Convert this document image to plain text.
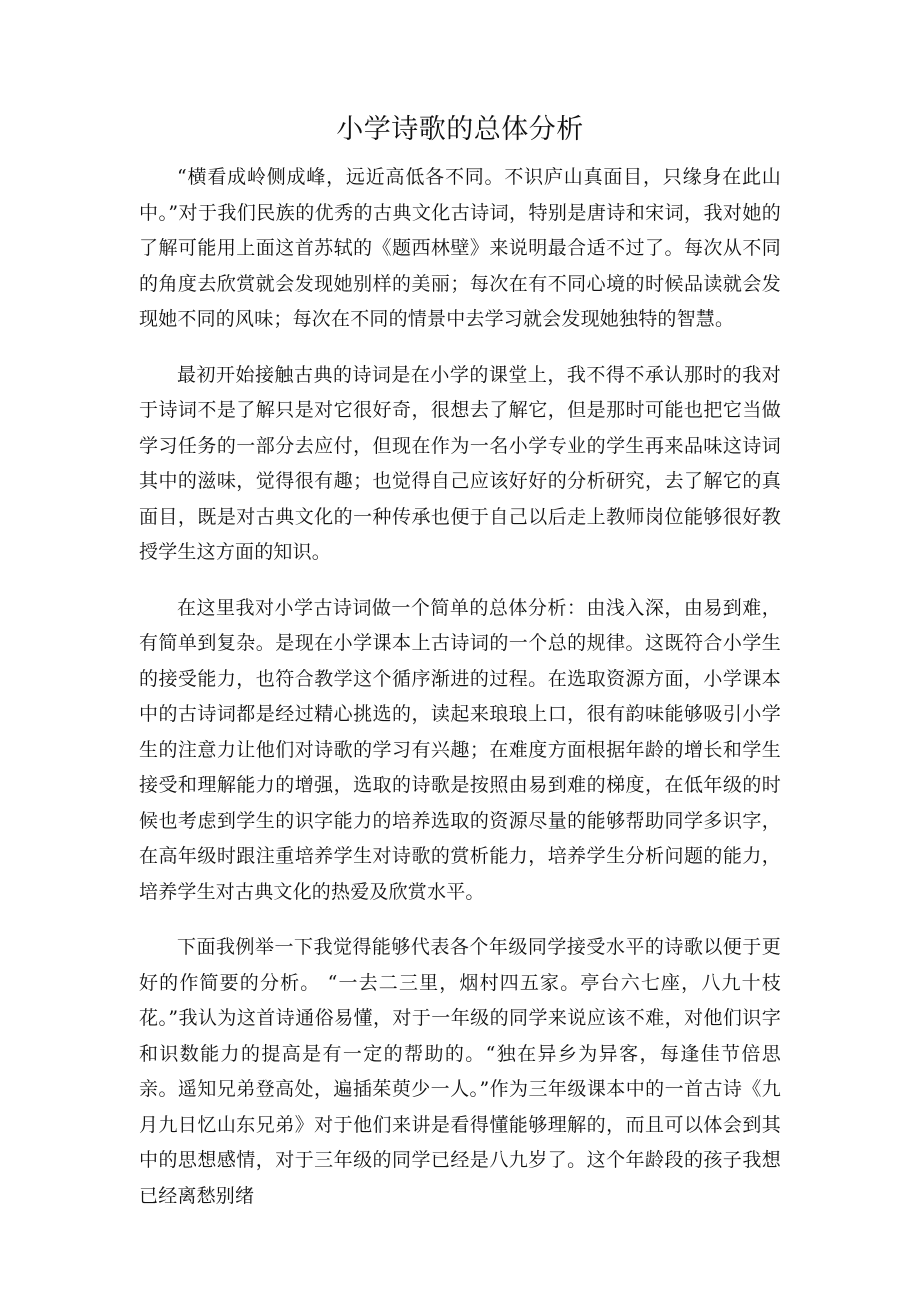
小学诗歌的总体分析

“横看成岭侧成峰，远近高低各不同。不识庐山真面目，只缘身在此山中。”对于我们民族的优秀的古典文化古诗词，特别是唐诗和宋词，我对她的了解可能用上面这首苏轼的《题西林壁》来说明最合适不过了。每次从不同的角度去欣赏就会发现她别样的美丽；每次在有不同心境的时候品读就会发现她不同的风味；每次在不同的情景中去学习就会发现她独特的智慧。

最初开始接触古典的诗词是在小学的课堂上，我不得不承认那时的我对于诗词不是了解只是对它很好奇，很想去了解它，但是那时可能也把它当做学习任务的一部分去应付，但现在作为一名小学专业的学生再来品味这诗词其中的滋味，觉得很有趣；也觉得自己应该好好的分析研究，去了解它的真面目，既是对古典文化的一种传承也便于自己以后走上教师岗位能够很好教授学生这方面的知识。

在这里我对小学古诗词做一个简单的总体分析：由浅入深，由易到难，有简单到复杂。是现在小学课本上古诗词的一个总的规律。这既符合小学生的接受能力，也符合教学这个循序渐进的过程。在选取资源方面，小学课本中的古诗词都是经过精心挑选的，读起来琅琅上口，很有韵味能够吸引小学生的注意力让他们对诗歌的学习有兴趣；在难度方面根据年龄的增长和学生接受和理解能力的增强，选取的诗歌是按照由易到难的梯度，在低年级的时候也考虑到学生的识字能力的培养选取的资源尽量的能够帮助同学多识字，在高年级时跟注重培养学生对诗歌的赏析能力，培养学生分析问题的能力，培养学生对古典文化的热爱及欣赏水平。

下面我例举一下我觉得能够代表各个年级同学接受水平的诗歌以便于更好的作简要的分析。 “一去二三里，烟村四五家。亭台六七座，八九十枝花。”我认为这首诗通俗易懂，对于一年级的同学来说应该不难，对他们识字和识数能力的提高是有一定的帮助的。“独在异乡为异客，每逢佳节倍思亲。遥知兄弟登高处，遍插茱萸少一人。”作为三年级课本中的一首古诗《九月九日忆山东兄弟》对于他们来讲是看得懂能够理解的，而且可以体会到其中的思想感情，对于三年级的同学已经是八九岁了。这个年龄段的孩子我想已经离愁别绪
